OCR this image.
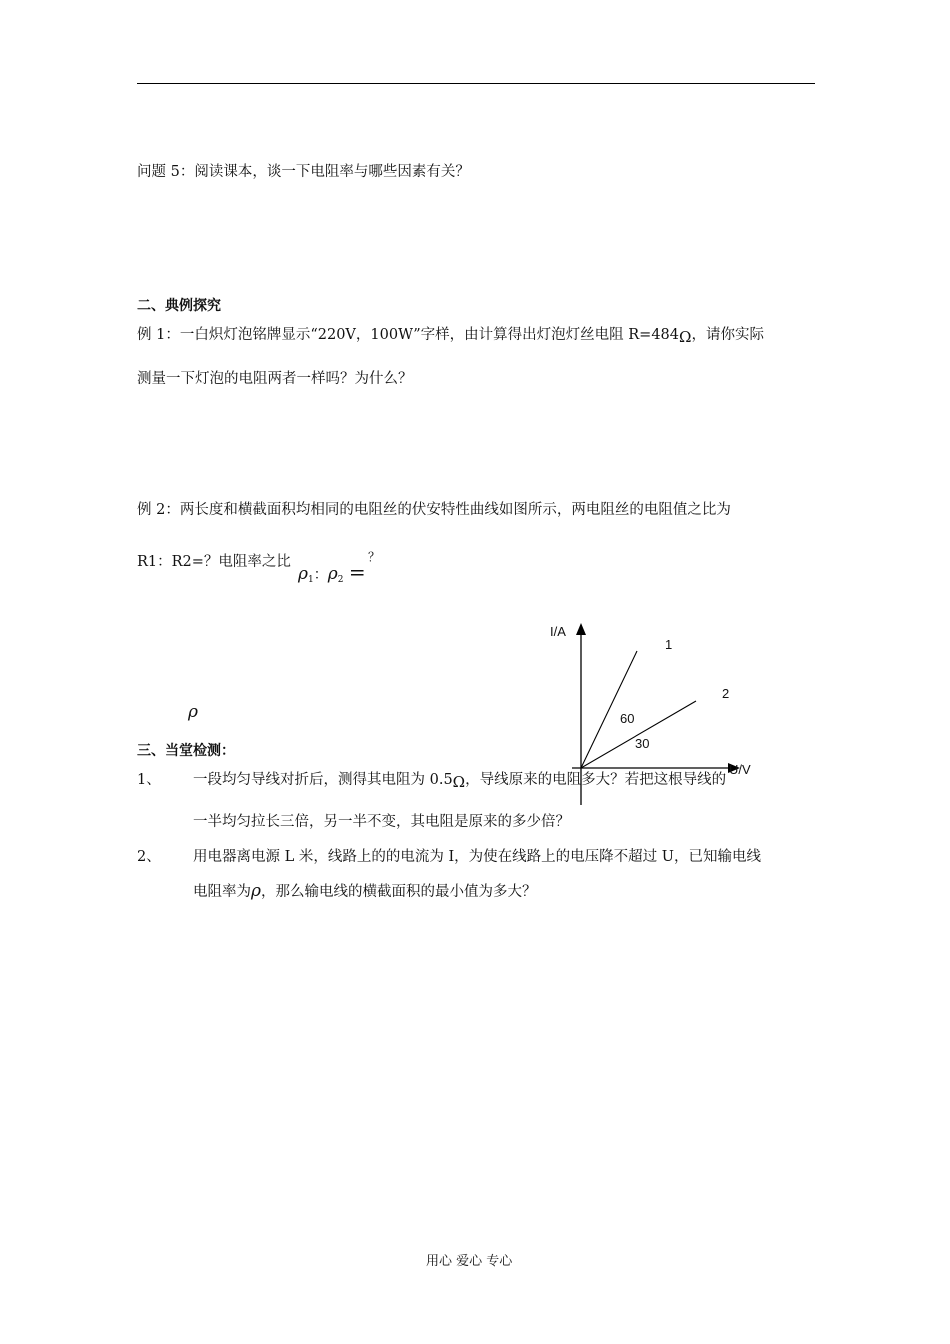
问题 5：阅读课本，谈一下电阻率与哪些因素有关？
二、典例探究
例 1：一白炽灯泡铭牌显示“220V，100W”字样，由计算得出灯泡灯丝电阻 R=484Ω，请你实际
测量一下灯泡的电阻两者一样吗？为什么？
例 2：两长度和横截面积均相同的电阻丝的伏安特性曲线如图所示，两电阻丝的电阻值之比为
R1：R2=？电阻率之比
ρ1：ρ2 =
？
ρ
I/A
U/V
1
2
60
30
三、当堂检测：
1、 一段均匀导线对折后，测得其电阻为 0.5Ω，导线原来的电阻多大？若把这根导线的
一半均匀拉长三倍，另一半不变，其电阻是原来的多少倍？
2、 用电器离电源 L 米，线路上的的电流为 I，为使在线路上的电压降不超过 U，已知输电线
电阻率为ρ，那么输电线的横截面积的最小值为多大？
用心 爱心 专心
